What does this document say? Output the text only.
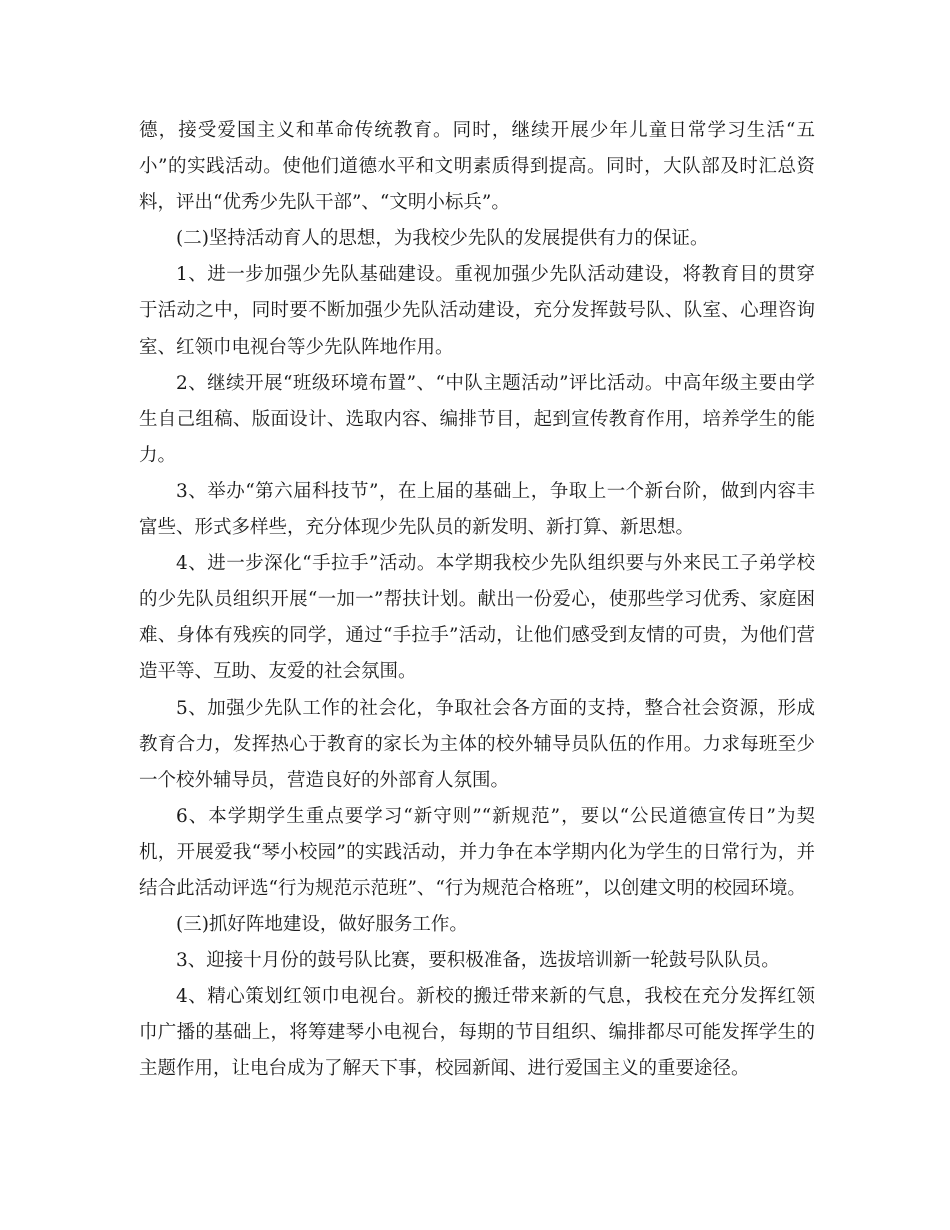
德，接受爱国主义和革命传统教育。同时，继续开展少年儿童日常学习生活“五小”的实践活动。使他们道德水平和文明素质得到提高。同时，大队部及时汇总资料，评出“优秀少先队干部”、“文明小标兵”。

(二)坚持活动育人的思想，为我校少先队的发展提供有力的保证。

1、进一步加强少先队基础建设。重视加强少先队活动建设，将教育目的贯穿于活动之中，同时要不断加强少先队活动建设，充分发挥鼓号队、队室、心理咨询室、红领巾电视台等少先队阵地作用。

2、继续开展“班级环境布置”、“中队主题活动”评比活动。中高年级主要由学生自己组稿、版面设计、选取内容、编排节目，起到宣传教育作用，培养学生的能力。

3、举办“第六届科技节”，在上届的基础上，争取上一个新台阶，做到内容丰富些、形式多样些，充分体现少先队员的新发明、新打算、新思想。

4、进一步深化“手拉手”活动。本学期我校少先队组织要与外来民工子弟学校的少先队员组织开展“一加一”帮扶计划。献出一份爱心，使那些学习优秀、家庭困难、身体有残疾的同学，通过“手拉手”活动，让他们感受到友情的可贵，为他们营造平等、互助、友爱的社会氛围。

5、加强少先队工作的社会化，争取社会各方面的支持，整合社会资源，形成教育合力，发挥热心于教育的家长为主体的校外辅导员队伍的作用。力求每班至少一个校外辅导员，营造良好的外部育人氛围。

6、本学期学生重点要学习“新守则”“新规范”，要以“公民道德宣传日”为契机，开展爱我“琴小校园”的实践活动，并力争在本学期内化为学生的日常行为，并结合此活动评选“行为规范示范班”、“行为规范合格班”，以创建文明的校园环境。

(三)抓好阵地建设，做好服务工作。

3、迎接十月份的鼓号队比赛，要积极准备，选拔培训新一轮鼓号队队员。

4、精心策划红领巾电视台。新校的搬迁带来新的气息，我校在充分发挥红领巾广播的基础上，将筹建琴小电视台，每期的节目组织、编排都尽可能发挥学生的主题作用，让电台成为了解天下事，校园新闻、进行爱国主义的重要途径。
